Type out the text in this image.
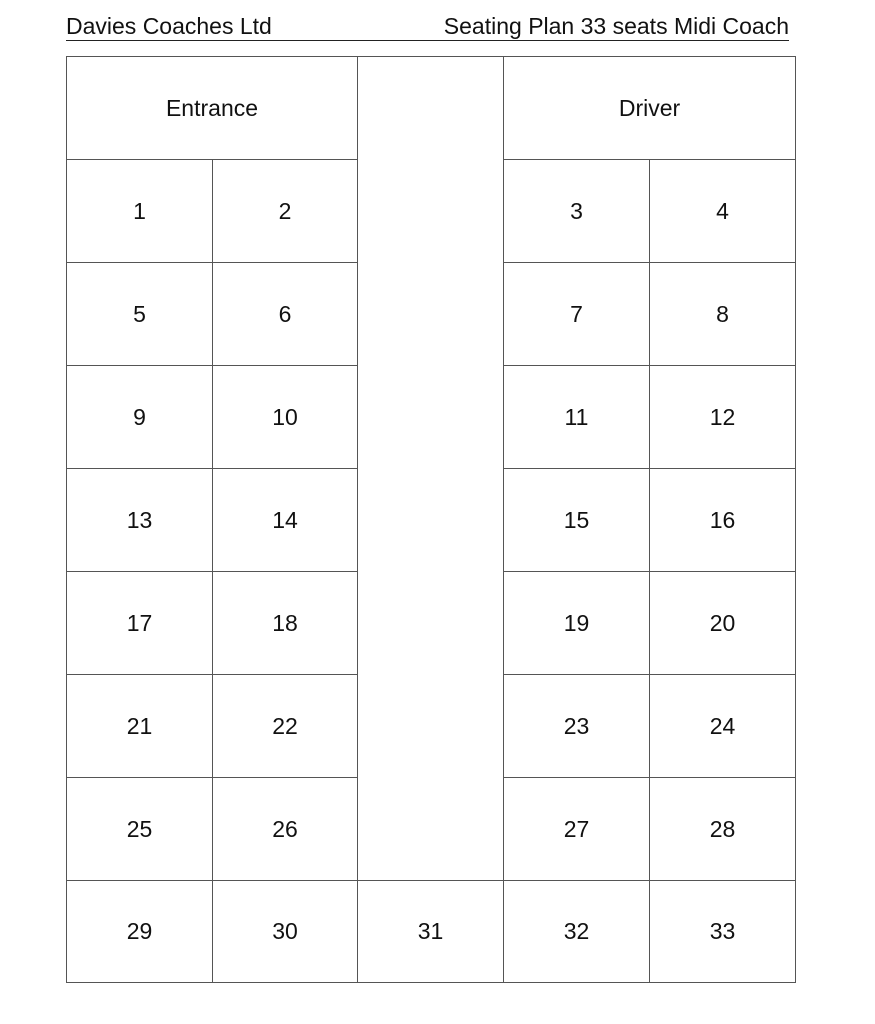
Davies Coaches Ltd	Seating Plan 33 seats Midi Coach
Entrance	Driver
1	2	3	4
5	6	7	8
9	10	11	12
13	14	15	16
17	18	19	20
21	22	23	24
25	26	27	28
29	30	31	32	33
